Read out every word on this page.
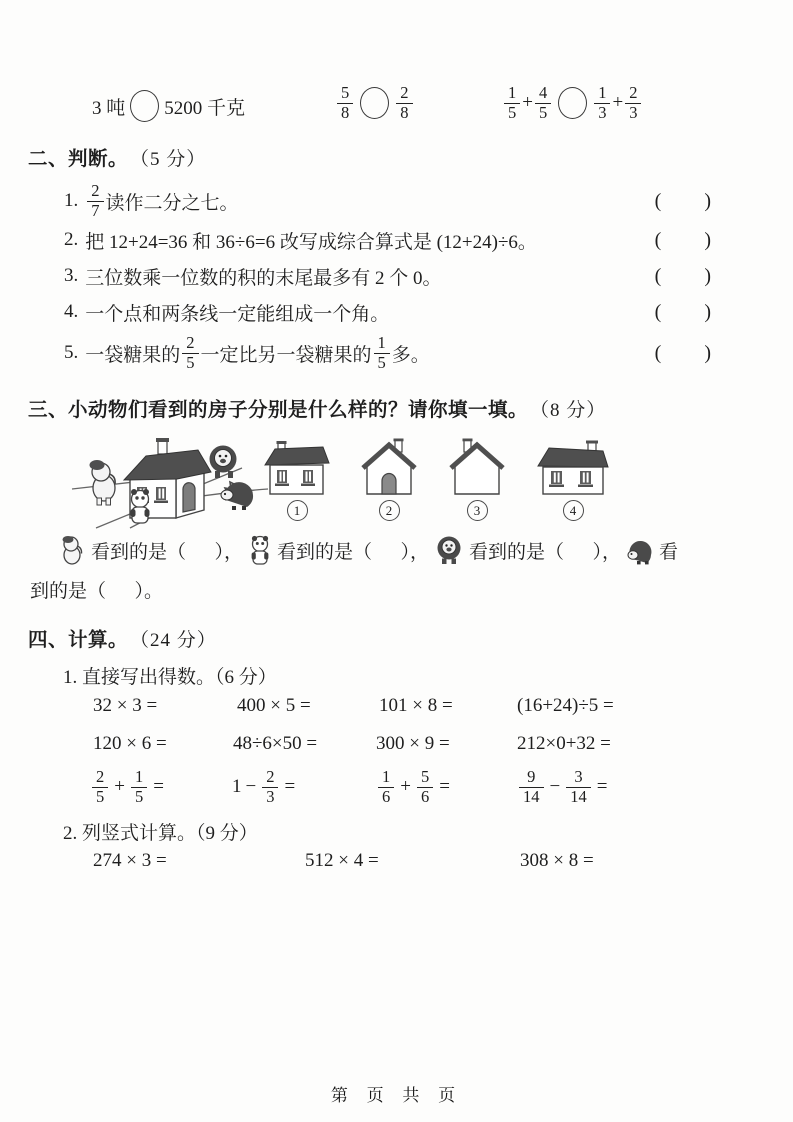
3 吨 5200 千克	$\frac{5}{8}$	$\frac{2}{8}$	$\frac{1}{5} + \frac{4}{5}$	$\frac{1}{3} + \frac{2}{3}$
二、判断。 （5 分）
1. $\frac{2}{7}$ 读作二分之七。	(       )
2. 把 12+24=36 和 36÷6=6 改写成综合算式是 (12+24)÷6。	(       )
3. 三位数乘一位数的积的末尾最多有 2 个 0。	(       )
4. 一个点和两条线一定能组成一个角。	(       )
5. 一袋糖果的 $\frac{2}{5}$ 一定比另一袋糖果的 $\frac{1}{5}$ 多。	(       )
三、小动物们看到的房子分别是什么样的？请你填一填。 （8 分）
1	2	3	4
看到的是（      ）， 看到的是（      ）， 看到的是（      ）， 看
到的是（      ）。
四、计算。 （24 分）
1. 直接写出得数。（6 分）
32 × 3 =	400 × 5 =	101 × 8 =	(16+24)÷5 =
120 × 6 =	48÷6×50 =	300 × 9 =	212×0+32 =
$\frac{2}{5} + \frac{1}{5}$ =	$1 - \frac{2}{3}$ =	$\frac{1}{6} + \frac{5}{6}$ =	$\frac{9}{14} - \frac{3}{14}$ =
2. 列竖式计算。（9 分）
274 × 3 =	512 × 4 =	308 × 8 =
第 页 共 页
